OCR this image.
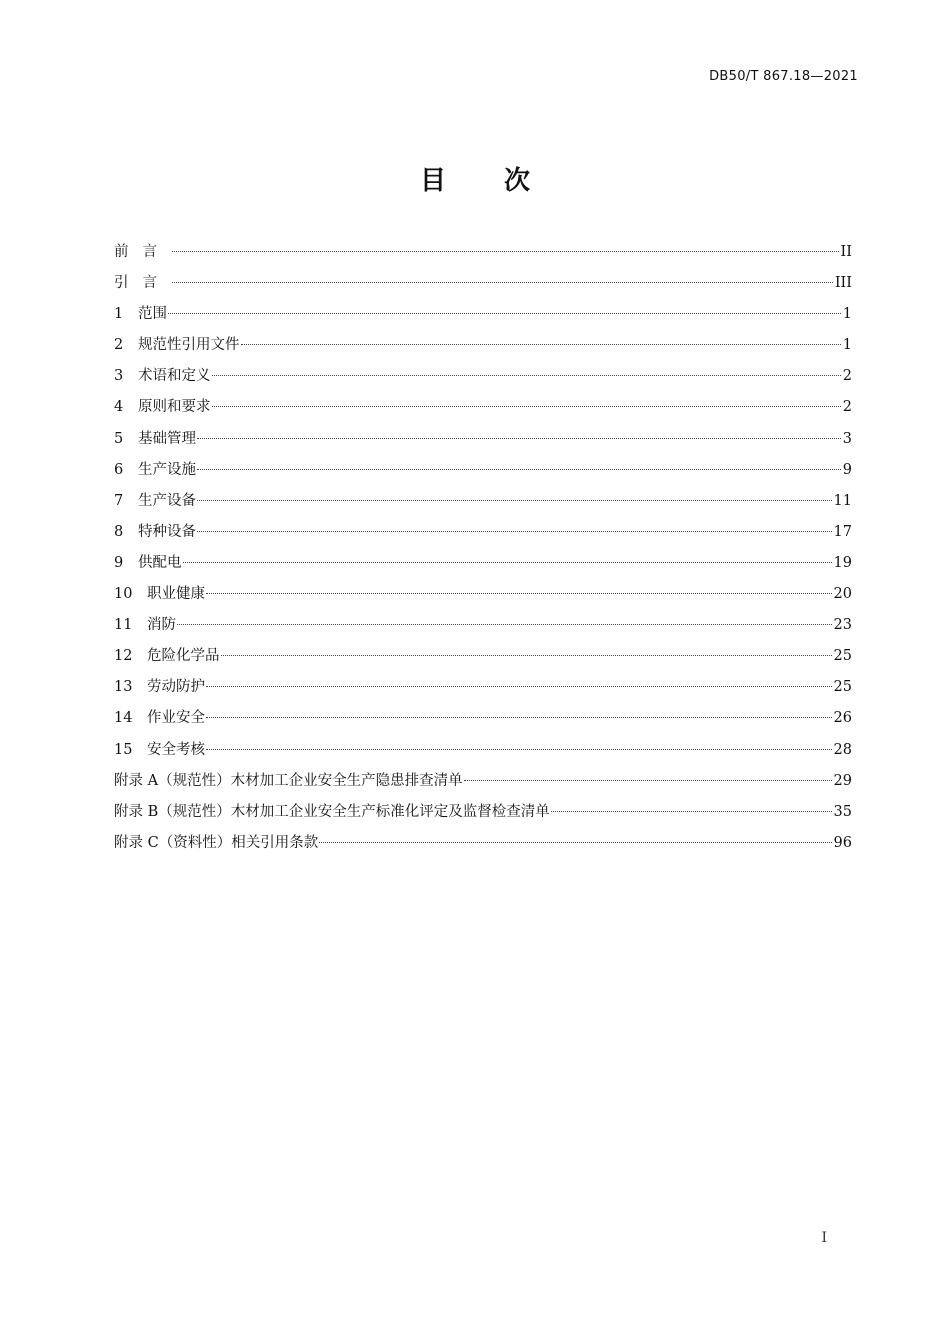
DB50/T 867.18—2021
目 次
前言	II
引言	III
1	范围	1
2	规范性引用文件	1
3	术语和定义	2
4	原则和要求	2
5	基础管理	3
6	生产设施	9
7	生产设备	11
8	特种设备	17
9	供配电	19
10	职业健康	20
11	消防	23
12	危险化学品	25
13	劳动防护	25
14	作业安全	26
15	安全考核	28
附录 A（规范性）木材加工企业安全生产隐患排查清单	29
附录 B（规范性）木材加工企业安全生产标准化评定及监督检查清单	35
附录 C（资料性）相关引用条款	96
I
